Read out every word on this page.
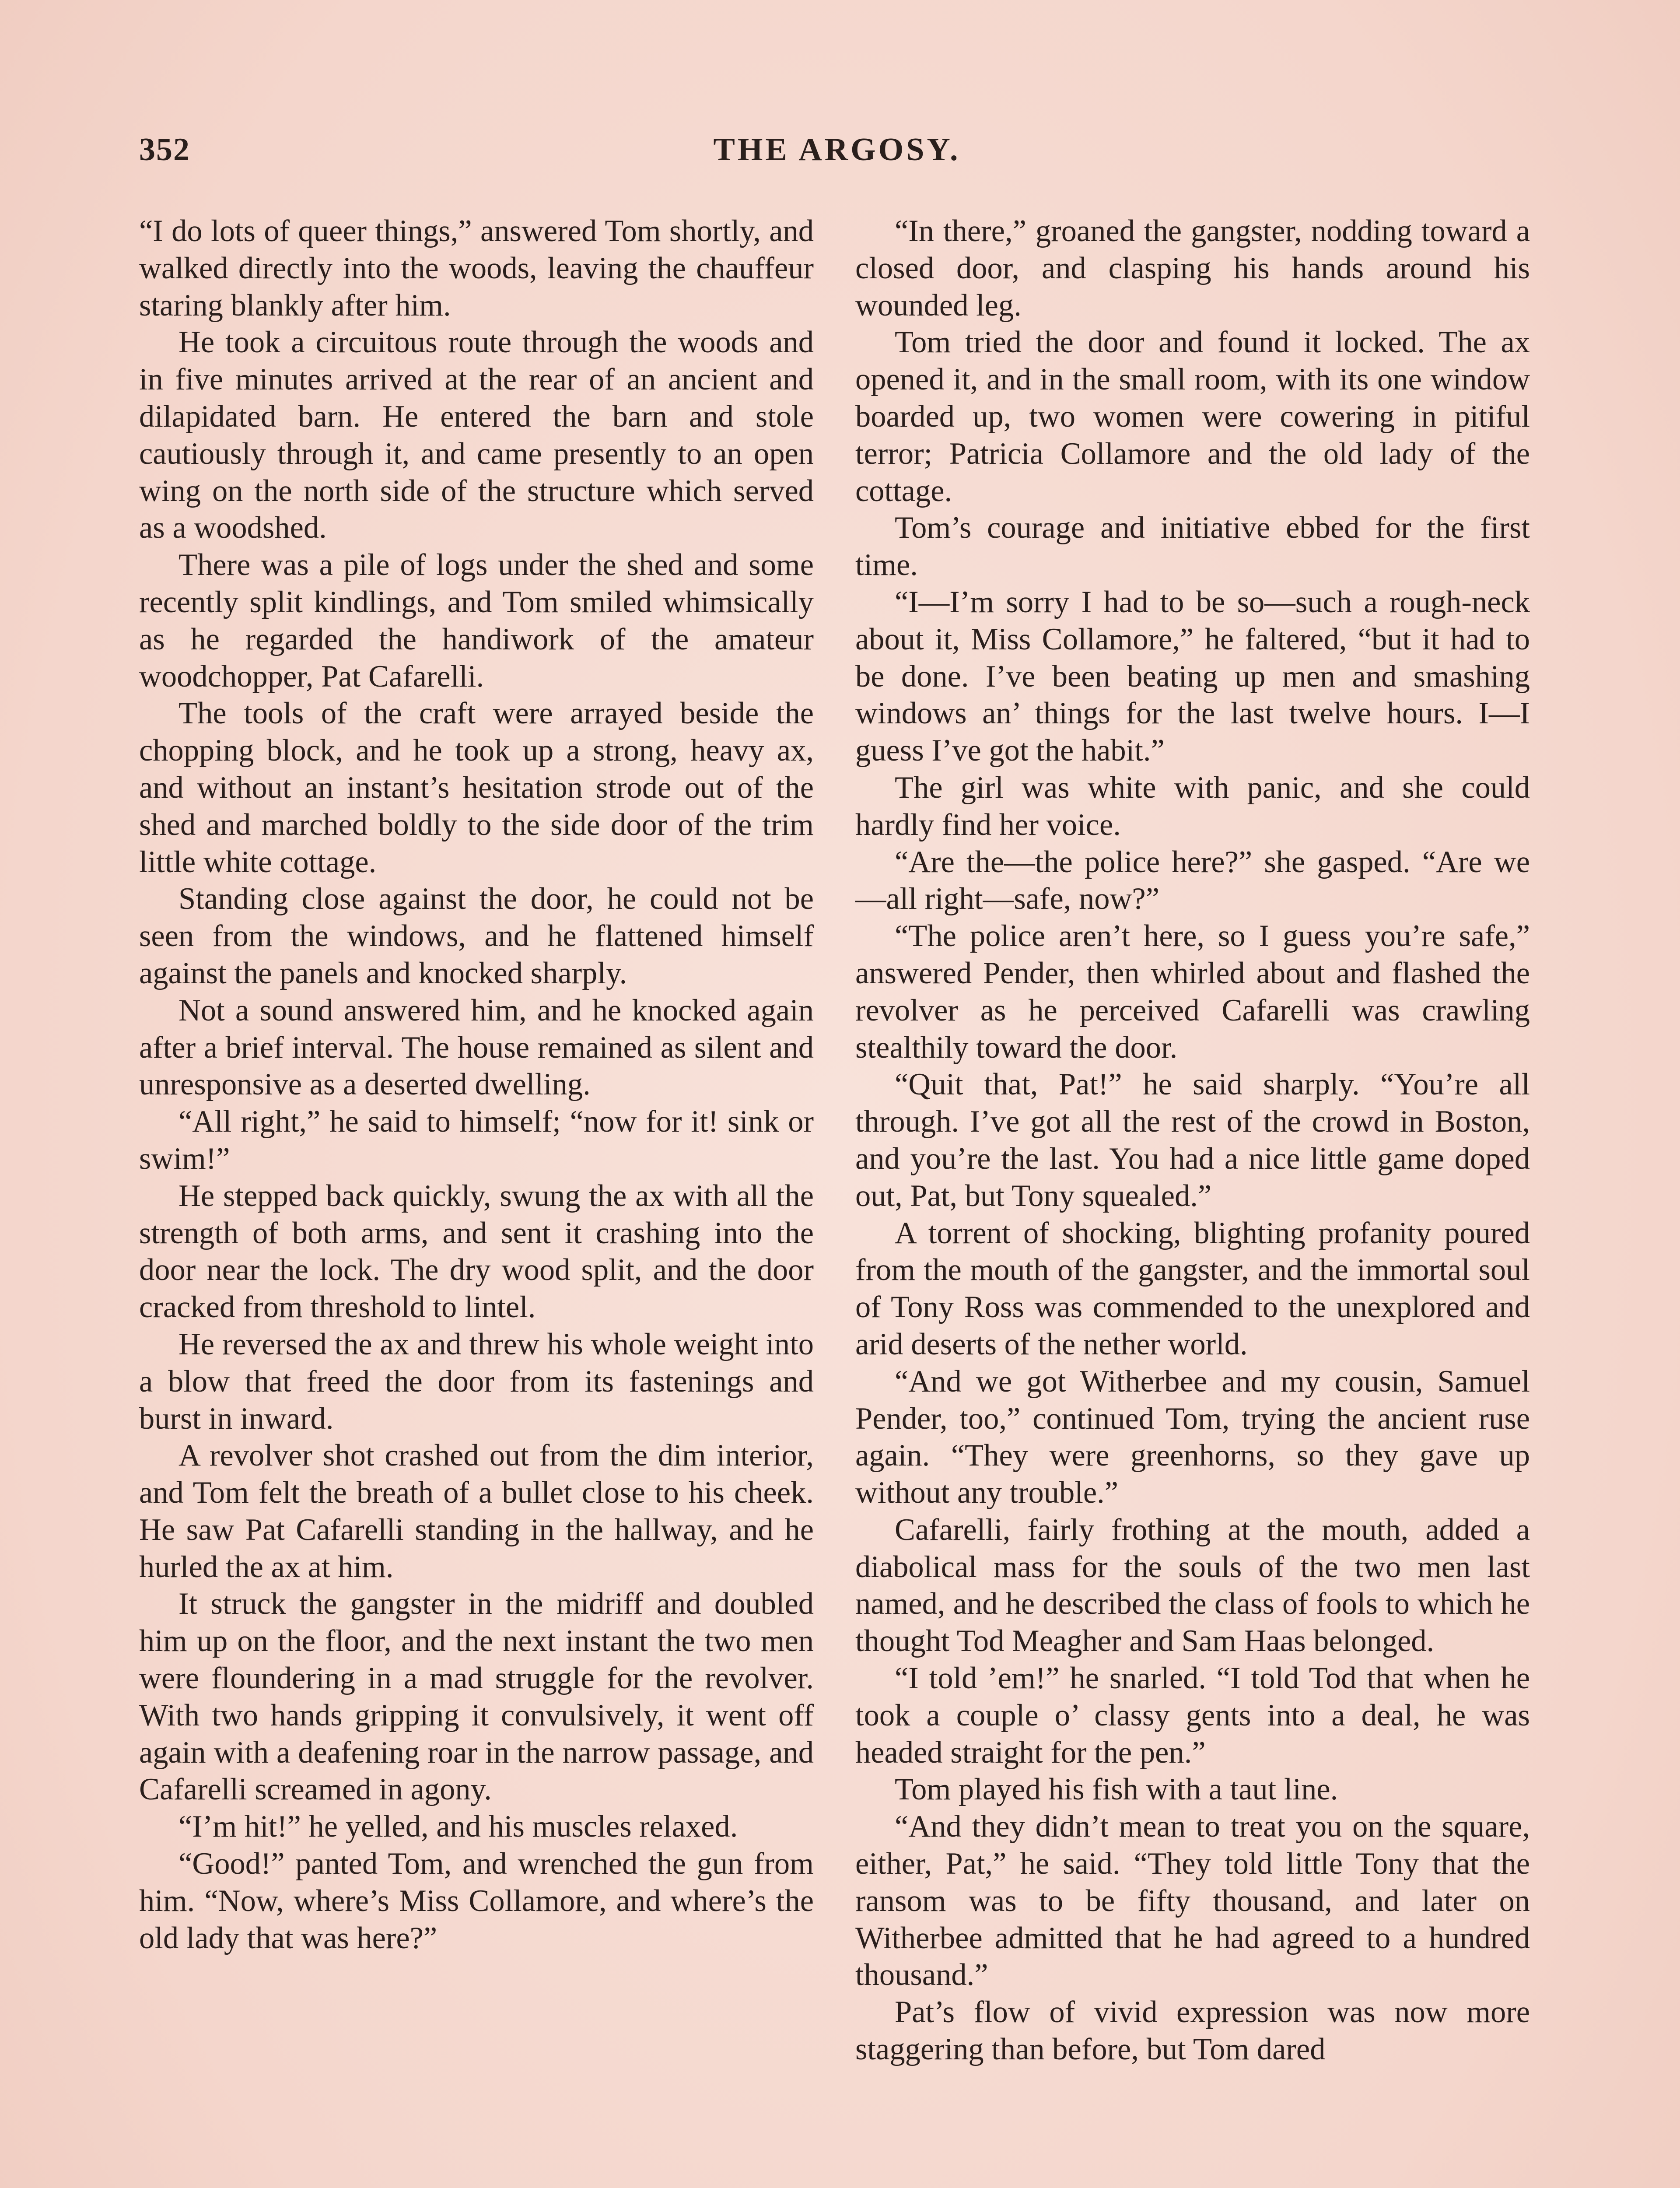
352	THE ARGOSY.

“I do lots of queer things,” answered Tom shortly, and walked directly into the woods, leaving the chauffeur staring blankly after him.

He took a circuitous route through the woods and in five minutes arrived at the rear of an ancient and dilapidated barn. He entered the barn and stole cautiously through it, and came presently to an open wing on the north side of the structure which served as a woodshed.

There was a pile of logs under the shed and some recently split kindlings, and Tom smiled whimsically as he regarded the handiwork of the amateur woodchopper, Pat Cafarelli.

The tools of the craft were arrayed beside the chopping block, and he took up a strong, heavy ax, and without an instant’s hesitation strode out of the shed and marched boldly to the side door of the trim little white cottage.

Standing close against the door, he could not be seen from the windows, and he flattened himself against the panels and knocked sharply.

Not a sound answered him, and he knocked again after a brief interval. The house remained as silent and unresponsive as a deserted dwelling.

“All right,” he said to himself; “now for it! sink or swim!”

He stepped back quickly, swung the ax with all the strength of both arms, and sent it crashing into the door near the lock. The dry wood split, and the door cracked from threshold to lintel.

He reversed the ax and threw his whole weight into a blow that freed the door from its fastenings and burst in inward.

A revolver shot crashed out from the dim interior, and Tom felt the breath of a bullet close to his cheek. He saw Pat Cafarelli standing in the hallway, and he hurled the ax at him.

It struck the gangster in the midriff and doubled him up on the floor, and the next instant the two men were floundering in a mad struggle for the revolver. With two hands gripping it convulsively, it went off again with a deafening roar in the narrow passage, and Cafarelli screamed in agony.

“I’m hit!” he yelled, and his muscles relaxed.

“Good!” panted Tom, and wrenched the gun from him. “Now, where’s Miss Collamore, and where’s the old lady that was here?”

“In there,” groaned the gangster, nodding toward a closed door, and clasping his hands around his wounded leg.

Tom tried the door and found it locked. The ax opened it, and in the small room, with its one window boarded up, two women were cowering in pitiful terror; Patricia Collamore and the old lady of the cottage.

Tom’s courage and initiative ebbed for the first time.

“I—I’m sorry I had to be so—such a rough-neck about it, Miss Collamore,” he faltered, “but it had to be done. I’ve been beating up men and smashing windows an’ things for the last twelve hours. I—I guess I’ve got the habit.”

The girl was white with panic, and she could hardly find her voice.

“Are the—the police here?” she gasped. “Are we—all right—safe, now?”

“The police aren’t here, so I guess you’re safe,” answered Pender, then whirled about and flashed the revolver as he perceived Cafarelli was crawling stealthily toward the door.

“Quit that, Pat!” he said sharply. “You’re all through. I’ve got all the rest of the crowd in Boston, and you’re the last. You had a nice little game doped out, Pat, but Tony squealed.”

A torrent of shocking, blighting profanity poured from the mouth of the gangster, and the immortal soul of Tony Ross was commended to the unexplored and arid deserts of the nether world.

“And we got Witherbee and my cousin, Samuel Pender, too,” continued Tom, trying the ancient ruse again. “They were greenhorns, so they gave up without any trouble.”

Cafarelli, fairly frothing at the mouth, added a diabolical mass for the souls of the two men last named, and he described the class of fools to which he thought Tod Meagher and Sam Haas belonged.

“I told ’em!” he snarled. “I told Tod that when he took a couple o’ classy gents into a deal, he was headed straight for the pen.”

Tom played his fish with a taut line.

“And they didn’t mean to treat you on the square, either, Pat,” he said. “They told little Tony that the ransom was to be fifty thousand, and later on Witherbee admitted that he had agreed to a hundred thousand.”

Pat’s flow of vivid expression was now more staggering than before, but Tom dared
